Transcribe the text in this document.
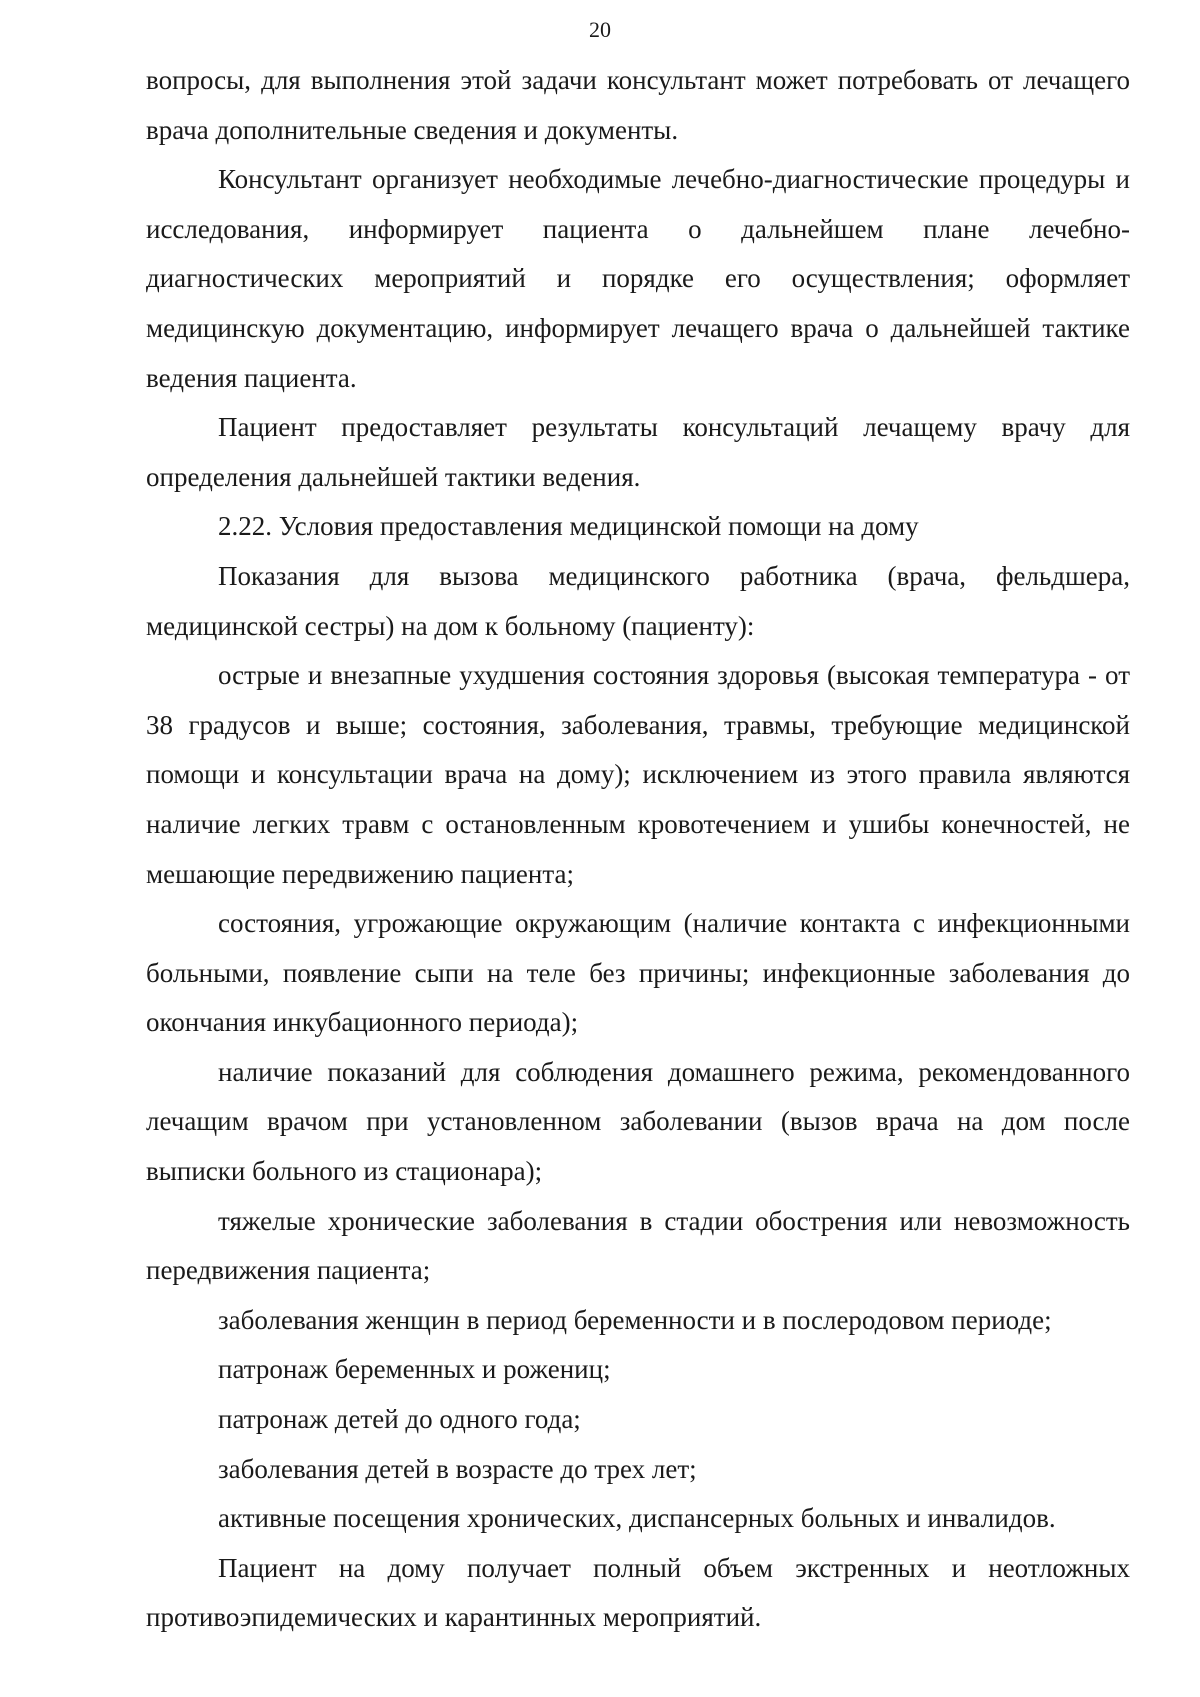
20

вопросы, для выполнения этой задачи консультант может потребовать от лечащего врача дополнительные сведения и документы.

Консультант организует необходимые лечебно-диагностические процедуры и исследования, информирует пациента о дальнейшем плане лечебно-диагностических мероприятий и порядке его осуществления; оформляет медицинскую документацию, информирует лечащего врача о дальнейшей тактике ведения пациента.

Пациент предоставляет результаты консультаций лечащему врачу для определения дальнейшей тактики ведения.

2.22. Условия предоставления медицинской помощи на дому

Показания для вызова медицинского работника (врача, фельдшера, медицинской сестры) на дом к больному (пациенту):

острые и внезапные ухудшения состояния здоровья (высокая температура - от 38 градусов и выше; состояния, заболевания, травмы, требующие медицинской помощи и консультации врача на дому); исключением из этого правила являются наличие легких травм с остановленным кровотечением и ушибы конечностей, не мешающие передвижению пациента;

состояния, угрожающие окружающим (наличие контакта с инфекционными больными, появление сыпи на теле без причины; инфекционные заболевания до окончания инкубационного периода);

наличие показаний для соблюдения домашнего режима, рекомендованного лечащим врачом при установленном заболевании (вызов врача на дом после выписки больного из стационара);

тяжелые хронические заболевания в стадии обострения или невозможность передвижения пациента;

заболевания женщин в период беременности и в послеродовом периоде;

патронаж беременных и рожениц;

патронаж детей до одного года;

заболевания детей в возрасте до трех лет;

активные посещения хронических, диспансерных больных и инвалидов.

Пациент на дому получает полный объем экстренных и неотложных противоэпидемических и карантинных мероприятий.
